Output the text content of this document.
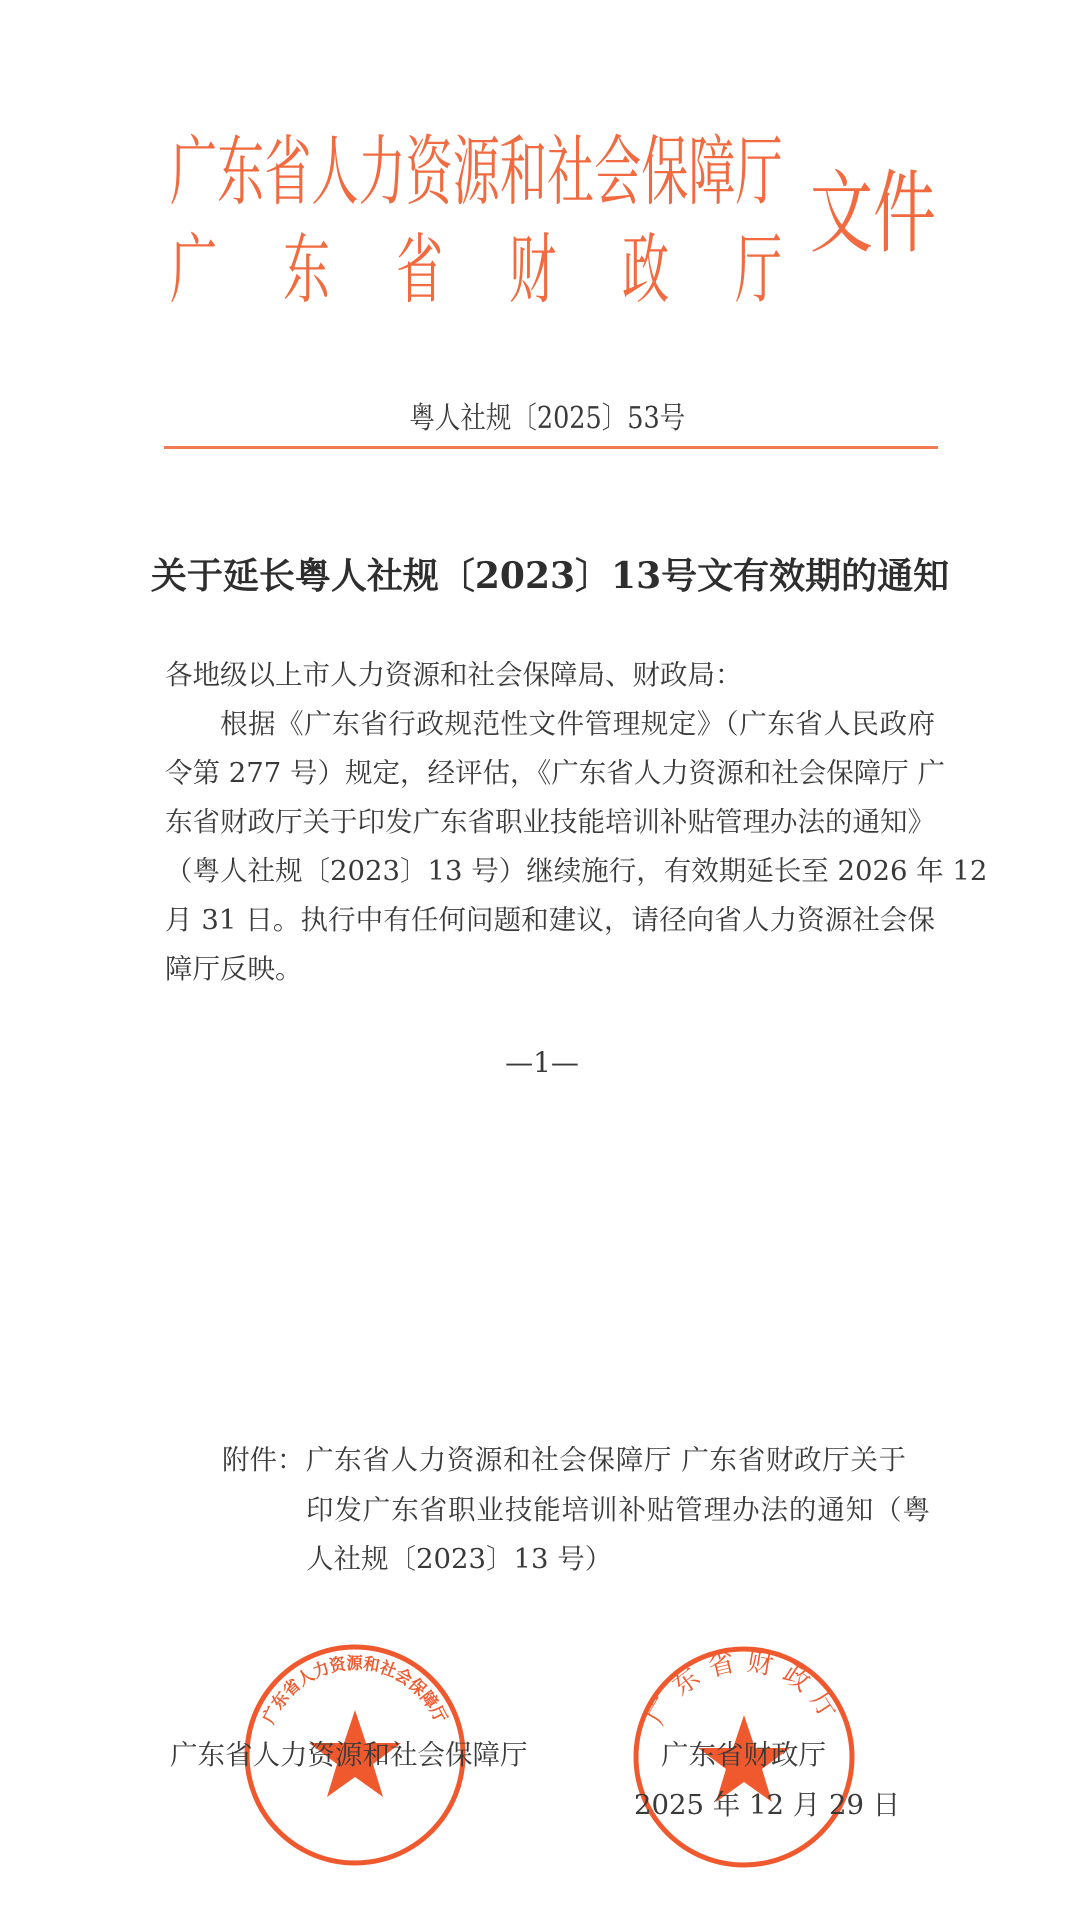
广东省人力资源和社会保障厅
广 东 省 财 政 厅
文件
粤人社规〔2025〕53号
关于延长粤人社规〔2023〕13号文有效期的通知
各地级以上市人力资源和社会保障局、财政局：
根据《广东省行政规范性文件管理规定》（广东省人民政府
令第 277 号）规定，经评估，《广东省人力资源和社会保障厅 广
东省财政厅关于印发广东省职业技能培训补贴管理办法的通知》
（粤人社规〔2023〕13 号）继续施行，有效期延长至 2026 年 12
月 31 日。执行中有任何问题和建议，请径向省人力资源社会保
障厅反映。
—1—
附件： 广东省人力资源和社会保障厅 广东省财政厅关于
印发广东省职业技能培训补贴管理办法的通知（粤
人社规〔2023〕13 号）
广东省人力资源和社会保障厅	广东省财政厅
2025 年 12 月 29 日
广东省人力资源和社会保障厅	广东省财政厅
